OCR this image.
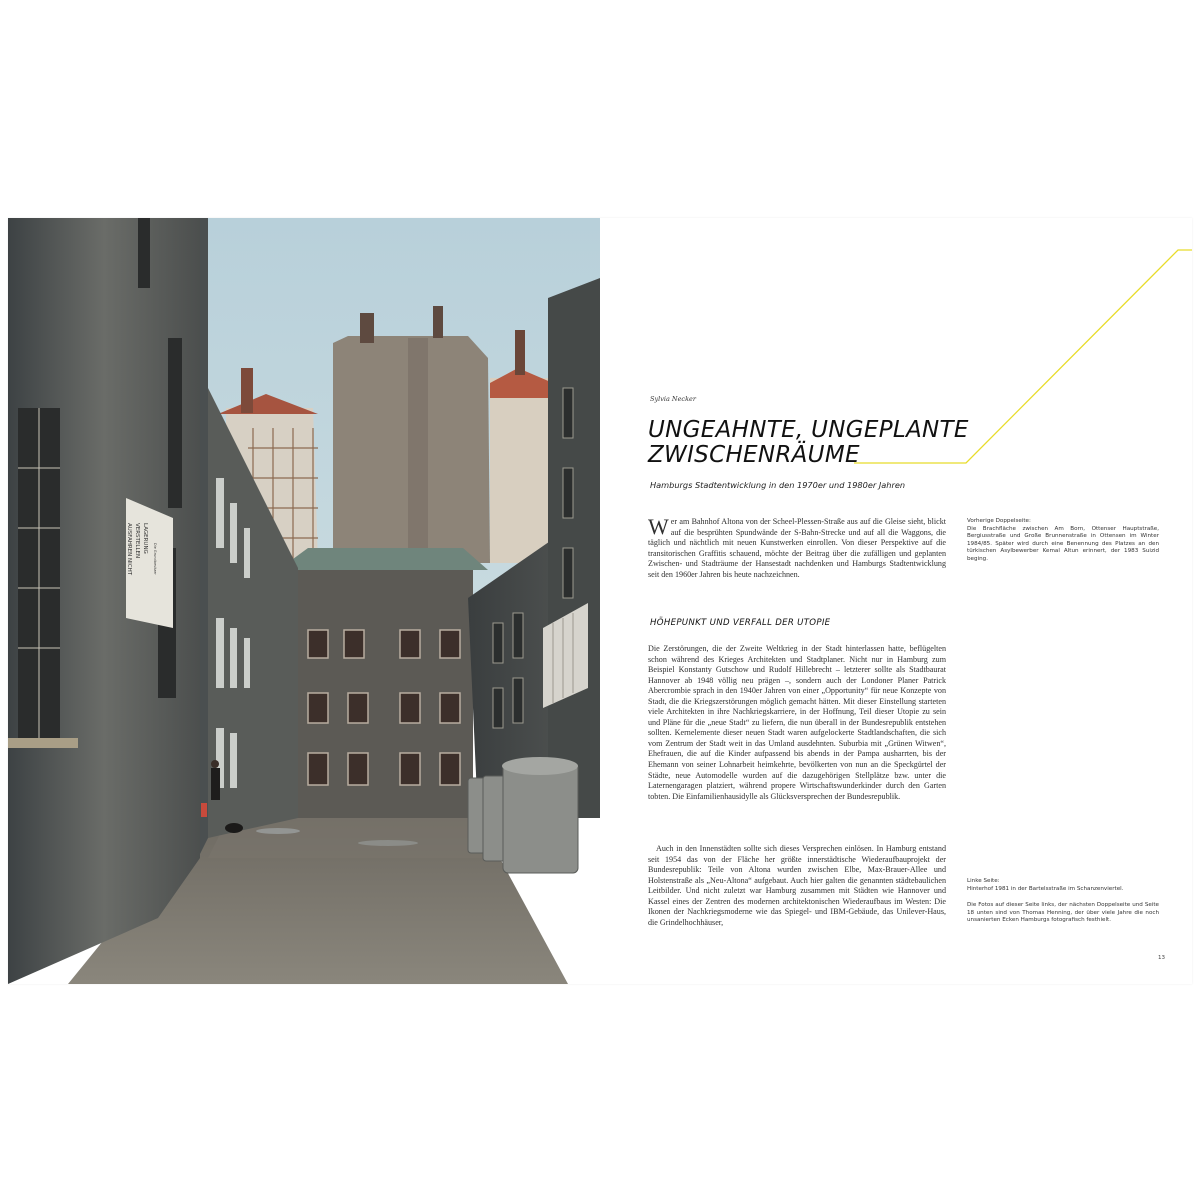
AUSFAHREN NICHT VERSTELLEN LAGERUNG
Die Grundbesitzer
Sylvia Necker
UNGEAHNTE, UNGEPLANTE
ZWISCHENRÄUME
Hamburgs Stadtentwicklung in den 1970er und 1980er Jahren

Wer am Bahnhof Altona von der Scheel-Plessen-Straße aus auf die Gleise sieht, blickt auf die besprühten Spundwände der S-Bahn-Strecke und auf all die Waggons, die täglich und nächtlich mit neuen Kunstwerken einrollen. Von dieser Perspektive auf die transitorischen Graffitis schauend, möchte der Beitrag über die zufälligen und geplanten Zwischen- und Stadträume der Hansestadt nachdenken und Hamburgs Stadtentwicklung seit den 1960er Jahren bis heute nachzeichnen.

HÖHEPUNKT UND VERFALL DER UTOPIE

Die Zerstörungen, die der Zweite Weltkrieg in der Stadt hinterlassen hatte, beflügelten schon während des Krieges Architekten und Stadtplaner. Nicht nur in Hamburg zum Beispiel Konstanty Gutschow und Rudolf Hillebrecht – letzterer sollte als Stadtbaurat Hannover ab 1948 völlig neu prägen –, sondern auch der Londoner Planer Patrick Abercrombie sprach in den 1940er Jahren von einer „Opportunity“ für neue Konzepte von Stadt, die die Kriegszerstörungen möglich gemacht hätten. Mit dieser Einstellung starteten viele Architekten in ihre Nachkriegskarriere, in der Hoffnung, Teil dieser Utopie zu sein und Pläne für die „neue Stadt“ zu liefern, die nun überall in der Bundesrepublik entstehen sollten. Kernelemente dieser neuen Stadt waren aufgelockerte Stadtlandschaften, die sich vom Zentrum der Stadt weit in das Umland ausdehnten. Suburbia mit „Grünen Witwen“, Ehefrauen, die auf die Kinder aufpassend bis abends in der Pampa ausharrten, bis der Ehemann von seiner Lohnarbeit heimkehrte, bevölkerten von nun an die Speckgürtel der Städte, neue Automodelle wurden auf die dazugehörigen Stellplätze bzw. unter die Laternengaragen platziert, während propere Wirtschaftswunderkinder durch den Garten tobten. Die Einfamilienhausidylle als Glücksversprechen der Bundesrepublik.

Auch in den Innenstädten sollte sich dieses Versprechen einlösen. In Hamburg entstand seit 1954 das von der Fläche her größte innerstädtische Wiederaufbauprojekt der Bundesrepublik: Teile von Altona wurden zwischen Elbe, Max-Brauer-Allee und Holstenstraße als „Neu-Altona“ aufgebaut. Auch hier galten die genannten städtebaulichen Leitbilder. Und nicht zuletzt war Hamburg zusammen mit Städten wie Hannover und Kassel eines der Zentren des modernen architektonischen Wiederaufbaus im Westen: Die Ikonen der Nachkriegsmoderne wie das Spiegel- und IBM-Gebäude, das Unilever-Haus, die Grindelhochhäuser,

Vorherige Doppelseite:

Die Brachfläche zwischen Am Born, Ottenser Hauptstraße, Bergiusstraße und Große Brunnenstraße in Ottensen im Winter 1984/85. Später wird durch eine Benennung des Platzes an den türkischen Asylbewerber Kemal Altun erinnert, der 1983 Suizid beging.

Linke Seite:

Hinterhof 1981 in der Bartelsstraße im Schanzenviertel.

Die Fotos auf dieser Seite links, der nächsten Doppelseite und Seite 18 unten sind von Thomas Henning, der über viele Jahre die noch unsanierten Ecken Hamburgs fotografisch festhielt.

13
